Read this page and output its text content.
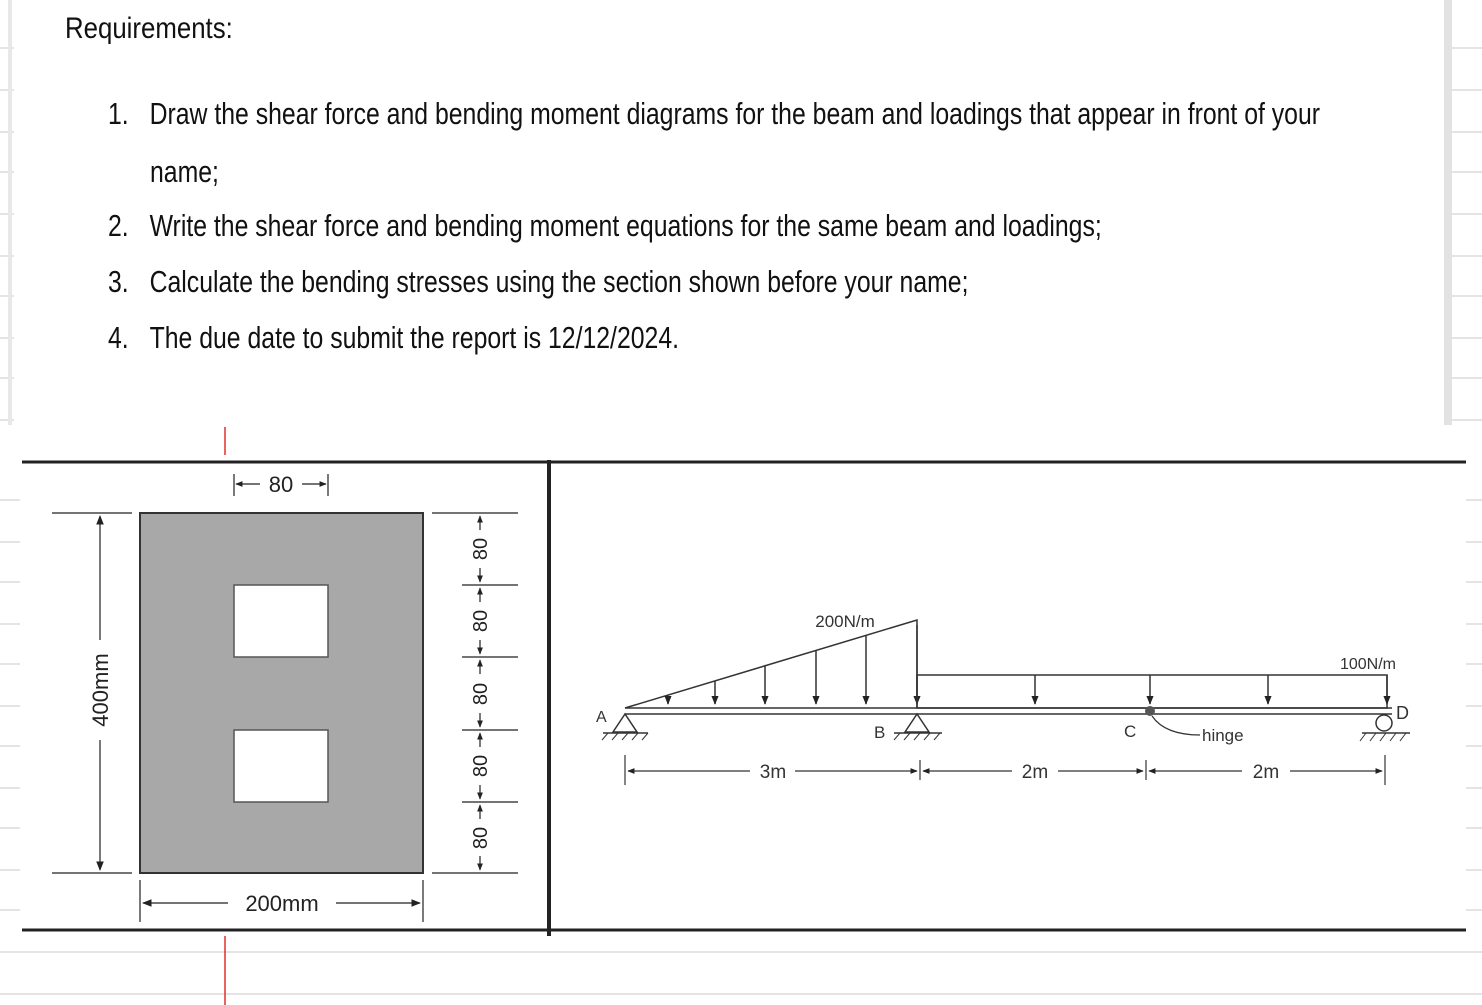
Requirements:
1. Draw the shear force and bending moment diagrams for the beam and loadings that appear in front of your
name;
2. Write the shear force and bending moment equations for the same beam and loadings;
3. Calculate the bending stresses using the section shown before your name;
4. The due date to submit the report is 12/12/2024.
80
400mm
200mm
80
80
80
80
80
200N/m
100N/m
A
B	C	hinge
D
3m	2m	2m
